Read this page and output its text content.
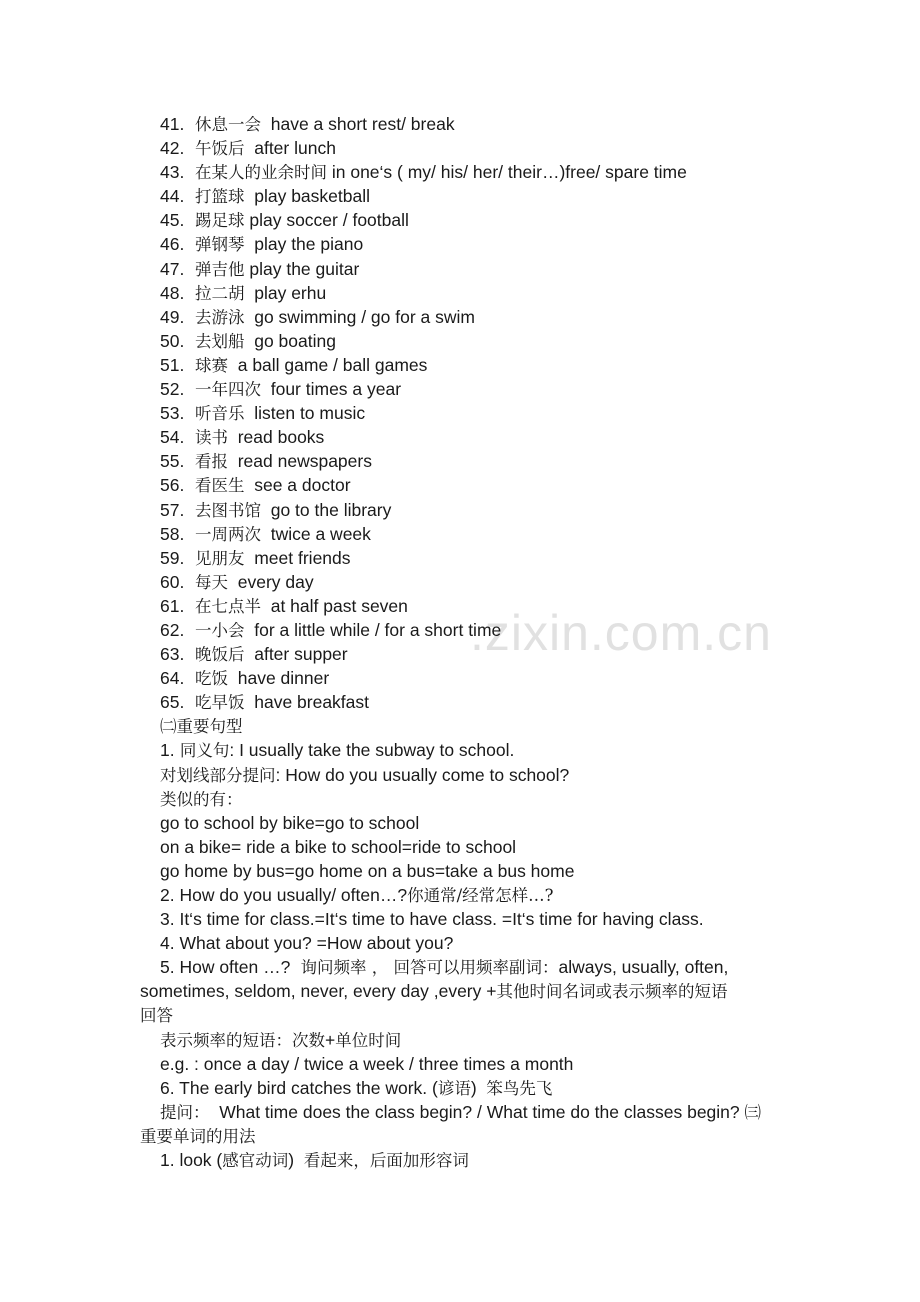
.zixin.com.cn
41. 休息一会  have a short rest/ break
42. 午饭后  after lunch
43. 在某人的业余时间 in one‘s ( my/ his/ her/ their…)free/ spare time
44. 打篮球  play basketball
45. 踢足球 play soccer / football
46. 弹钢琴  play the piano
47. 弹吉他 play the guitar
48. 拉二胡  play erhu
49. 去游泳  go swimming / go for a swim
50. 去划船  go boating
51. 球赛  a ball game / ball games
52. 一年四次  four times a year
53. 听音乐  listen to music
54. 读书  read books
55. 看报  read newspapers
56. 看医生  see a doctor
57. 去图书馆  go to the library
58. 一周两次  twice a week
59. 见朋友  meet friends
60. 每天  every day
61. 在七点半  at half past seven
62. 一小会  for a little while / for a short time
63. 晚饭后  after supper
64. 吃饭  have dinner
65. 吃早饭  have breakfast
㈡重要句型
1. 同义句: I usually take the subway to school.
对划线部分提问: How do you usually come to school?
类似的有：
go to school by bike=go to school
on a bike= ride a bike to school=ride to school
go home by bus=go home on a bus=take a bus home
2. How do you usually/ often…?你通常/经常怎样…?
3. It‘s time for class.=It‘s time to have class. =It‘s time for having class.
4. What about you? =How about you?
5. How often …?  询问频率 ， 回答可以用频率副词：always, usually, often,
sometimes, seldom, never, every day ,every +其他时间名词或表示频率的短语
回答
表示频率的短语：次数+单位时间
e.g. : once a day / twice a week / three times a month
6. The early bird catches the work. (谚语)  笨鸟先飞
提问：  What time does the class begin? / What time do the classes begin? ㈢
重要单词的用法
1. look (感官动词)  看起来，后面加形容词
